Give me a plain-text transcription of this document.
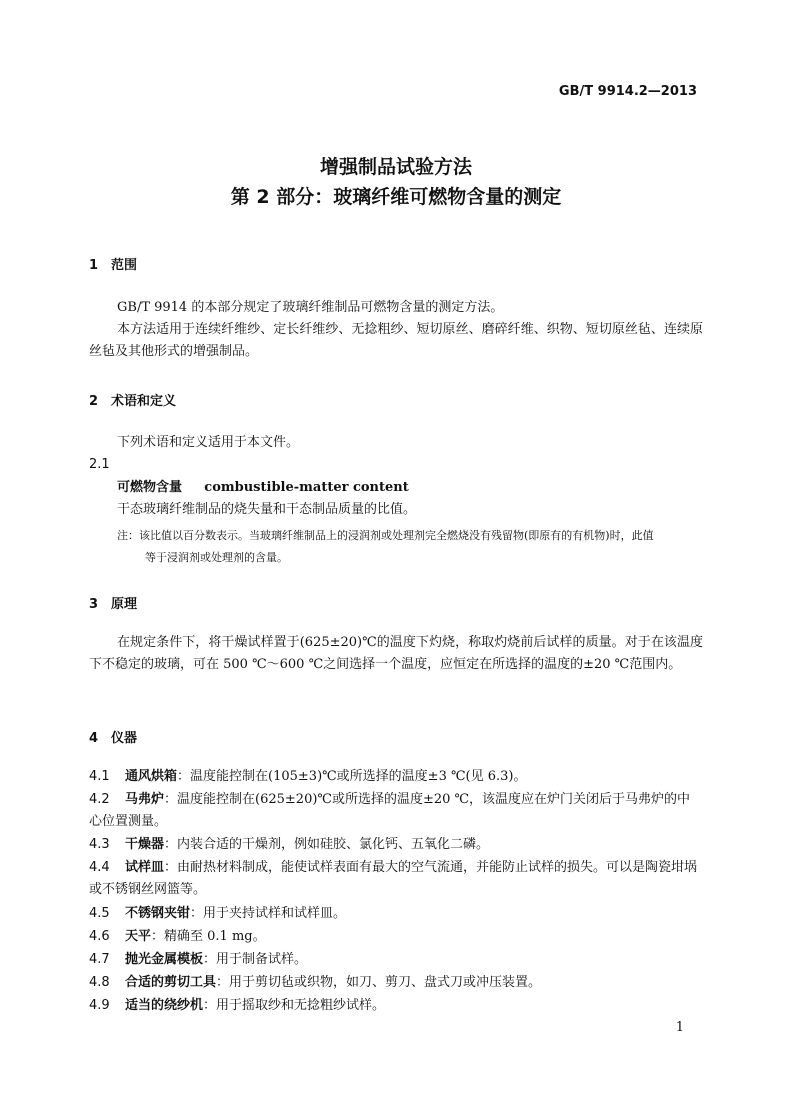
GB/T 9914.2—2013
增强制品试验方法
第 2 部分：玻璃纤维可燃物含量的测定
1 范围
GB/T 9914 的本部分规定了玻璃纤维制品可燃物含量的测定方法。
本方法适用于连续纤维纱、定长纤维纱、无捻粗纱、短切原丝、磨碎纤维、织物、短切原丝毡、连续原丝毡及其他形式的增强制品。
2 术语和定义
下列术语和定义适用于本文件。
2.1
可燃物含量 combustible-matter content
干态玻璃纤维制品的烧失量和干态制品质量的比值。
注：该比值以百分数表示。当玻璃纤维制品上的浸润剂或处理剂完全燃烧没有残留物(即原有的有机物)时，此值
等于浸润剂或处理剂的含量。
3 原理
在规定条件下，将干燥试样置于(625±20)℃的温度下灼烧，称取灼烧前后试样的质量。对于在该温度下不稳定的玻璃，可在 500 ℃～600 ℃之间选择一个温度，应恒定在所选择的温度的±20 ℃范围内。
4 仪器
4.1 通风烘箱：温度能控制在(105±3)℃或所选择的温度±3 ℃(见 6.3)。
4.2 马弗炉：温度能控制在(625±20)℃或所选择的温度±20 ℃，该温度应在炉门关闭后于马弗炉的中心位置测量。
4.3 干燥器：内装合适的干燥剂，例如硅胶、氯化钙、五氧化二磷。
4.4 试样皿：由耐热材料制成，能使试样表面有最大的空气流通，并能防止试样的损失。可以是陶瓷坩埚或不锈钢丝网篮等。
4.5 不锈钢夹钳：用于夹持试样和试样皿。
4.6 天平：精确至 0.1 mg。
4.7 抛光金属模板：用于制备试样。
4.8 合适的剪切工具：用于剪切毡或织物，如刀、剪刀、盘式刀或冲压装置。
4.9 适当的绕纱机：用于摇取纱和无捻粗纱试样。
1
